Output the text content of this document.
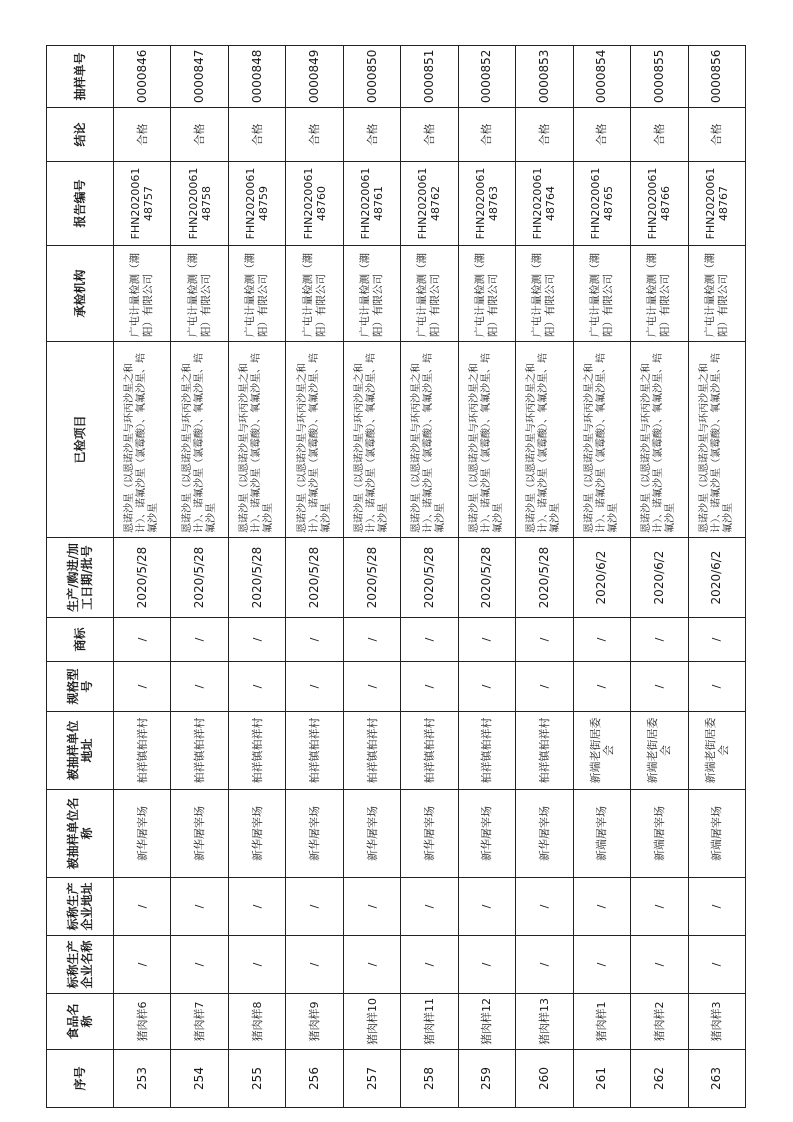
序号	食品名称	标称生产企业名称	标称生产企业地址	被抽样单位名称	被抽样单位地址	规格型号	商标	生产/购进/加工日期/批号	已检项目	承检机构	报告编号	结论	抽样单号
253	猪肉样6	/	/	新华屠宰场	柏祥镇柏祥村	/	/	2020/5/28	恩诺沙星（以恩诺沙星与环丙沙星之和计）、诺氟沙星（氯霉酸）、氧氟沙星、培氟沙星	广屯计量检测（潮阳）有限公司	FHN202006148757	合格	0000846
254	猪肉样7	/	/	新华屠宰场	柏祥镇柏祥村	/	/	2020/5/28	恩诺沙星（以恩诺沙星与环丙沙星之和计）、诺氟沙星（氯霉酸）、氧氟沙星、培氟沙星	广屯计量检测（潮阳）有限公司	FHN202006148758	合格	0000847
255	猪肉样8	/	/	新华屠宰场	柏祥镇柏祥村	/	/	2020/5/28	恩诺沙星（以恩诺沙星与环丙沙星之和计）、诺氟沙星（氯霉酸）、氧氟沙星、培氟沙星	广屯计量检测（潮阳）有限公司	FHN202006148759	合格	0000848
256	猪肉样9	/	/	新华屠宰场	柏祥镇柏祥村	/	/	2020/5/28	恩诺沙星（以恩诺沙星与环丙沙星之和计）、诺氟沙星（氯霉酸）、氧氟沙星、培氟沙星	广屯计量检测（潮阳）有限公司	FHN202006148760	合格	0000849
257	猪肉样10	/	/	新华屠宰场	柏祥镇柏祥村	/	/	2020/5/28	恩诺沙星（以恩诺沙星与环丙沙星之和计）、诺氟沙星（氯霉酸）、氧氟沙星、培氟沙星	广屯计量检测（潮阳）有限公司	FHN202006148761	合格	0000850
258	猪肉样11	/	/	新华屠宰场	柏祥镇柏祥村	/	/	2020/5/28	恩诺沙星（以恩诺沙星与环丙沙星之和计）、诺氟沙星（氯霉酸）、氧氟沙星、培氟沙星	广屯计量检测（潮阳）有限公司	FHN202006148762	合格	0000851
259	猪肉样12	/	/	新华屠宰场	柏祥镇柏祥村	/	/	2020/5/28	恩诺沙星（以恩诺沙星与环丙沙星之和计）、诺氟沙星（氯霉酸）、氧氟沙星、培氟沙星	广屯计量检测（潮阳）有限公司	FHN202006148763	合格	0000852
260	猪肉样13	/	/	新华屠宰场	柏祥镇柏祥村	/	/	2020/5/28	恩诺沙星（以恩诺沙星与环丙沙星之和计）、诺氟沙星（氯霉酸）、氧氟沙星、培氟沙星	广屯计量检测（潮阳）有限公司	FHN202006148764	合格	0000853
261	猪肉样1	/	/	新端屠宰场	新端老街居委会	/	/	2020/6/2	恩诺沙星（以恩诺沙星与环丙沙星之和计）、诺氟沙星（氯霉酸）、氧氟沙星、培氟沙星	广屯计量检测（潮阳）有限公司	FHN202006148765	合格	0000854
262	猪肉样2	/	/	新端屠宰场	新端老街居委会	/	/	2020/6/2	恩诺沙星（以恩诺沙星与环丙沙星之和计）、诺氟沙星（氯霉酸）、氧氟沙星、培氟沙星	广屯计量检测（潮阳）有限公司	FHN202006148766	合格	0000855
263	猪肉样3	/	/	新端屠宰场	新端老街居委会	/	/	2020/6/2	恩诺沙星（以恩诺沙星与环丙沙星之和计）、诺氟沙星（氯霉酸）、氧氟沙星、培氟沙星	广屯计量检测（潮阳）有限公司	FHN202006148767	合格	0000856
